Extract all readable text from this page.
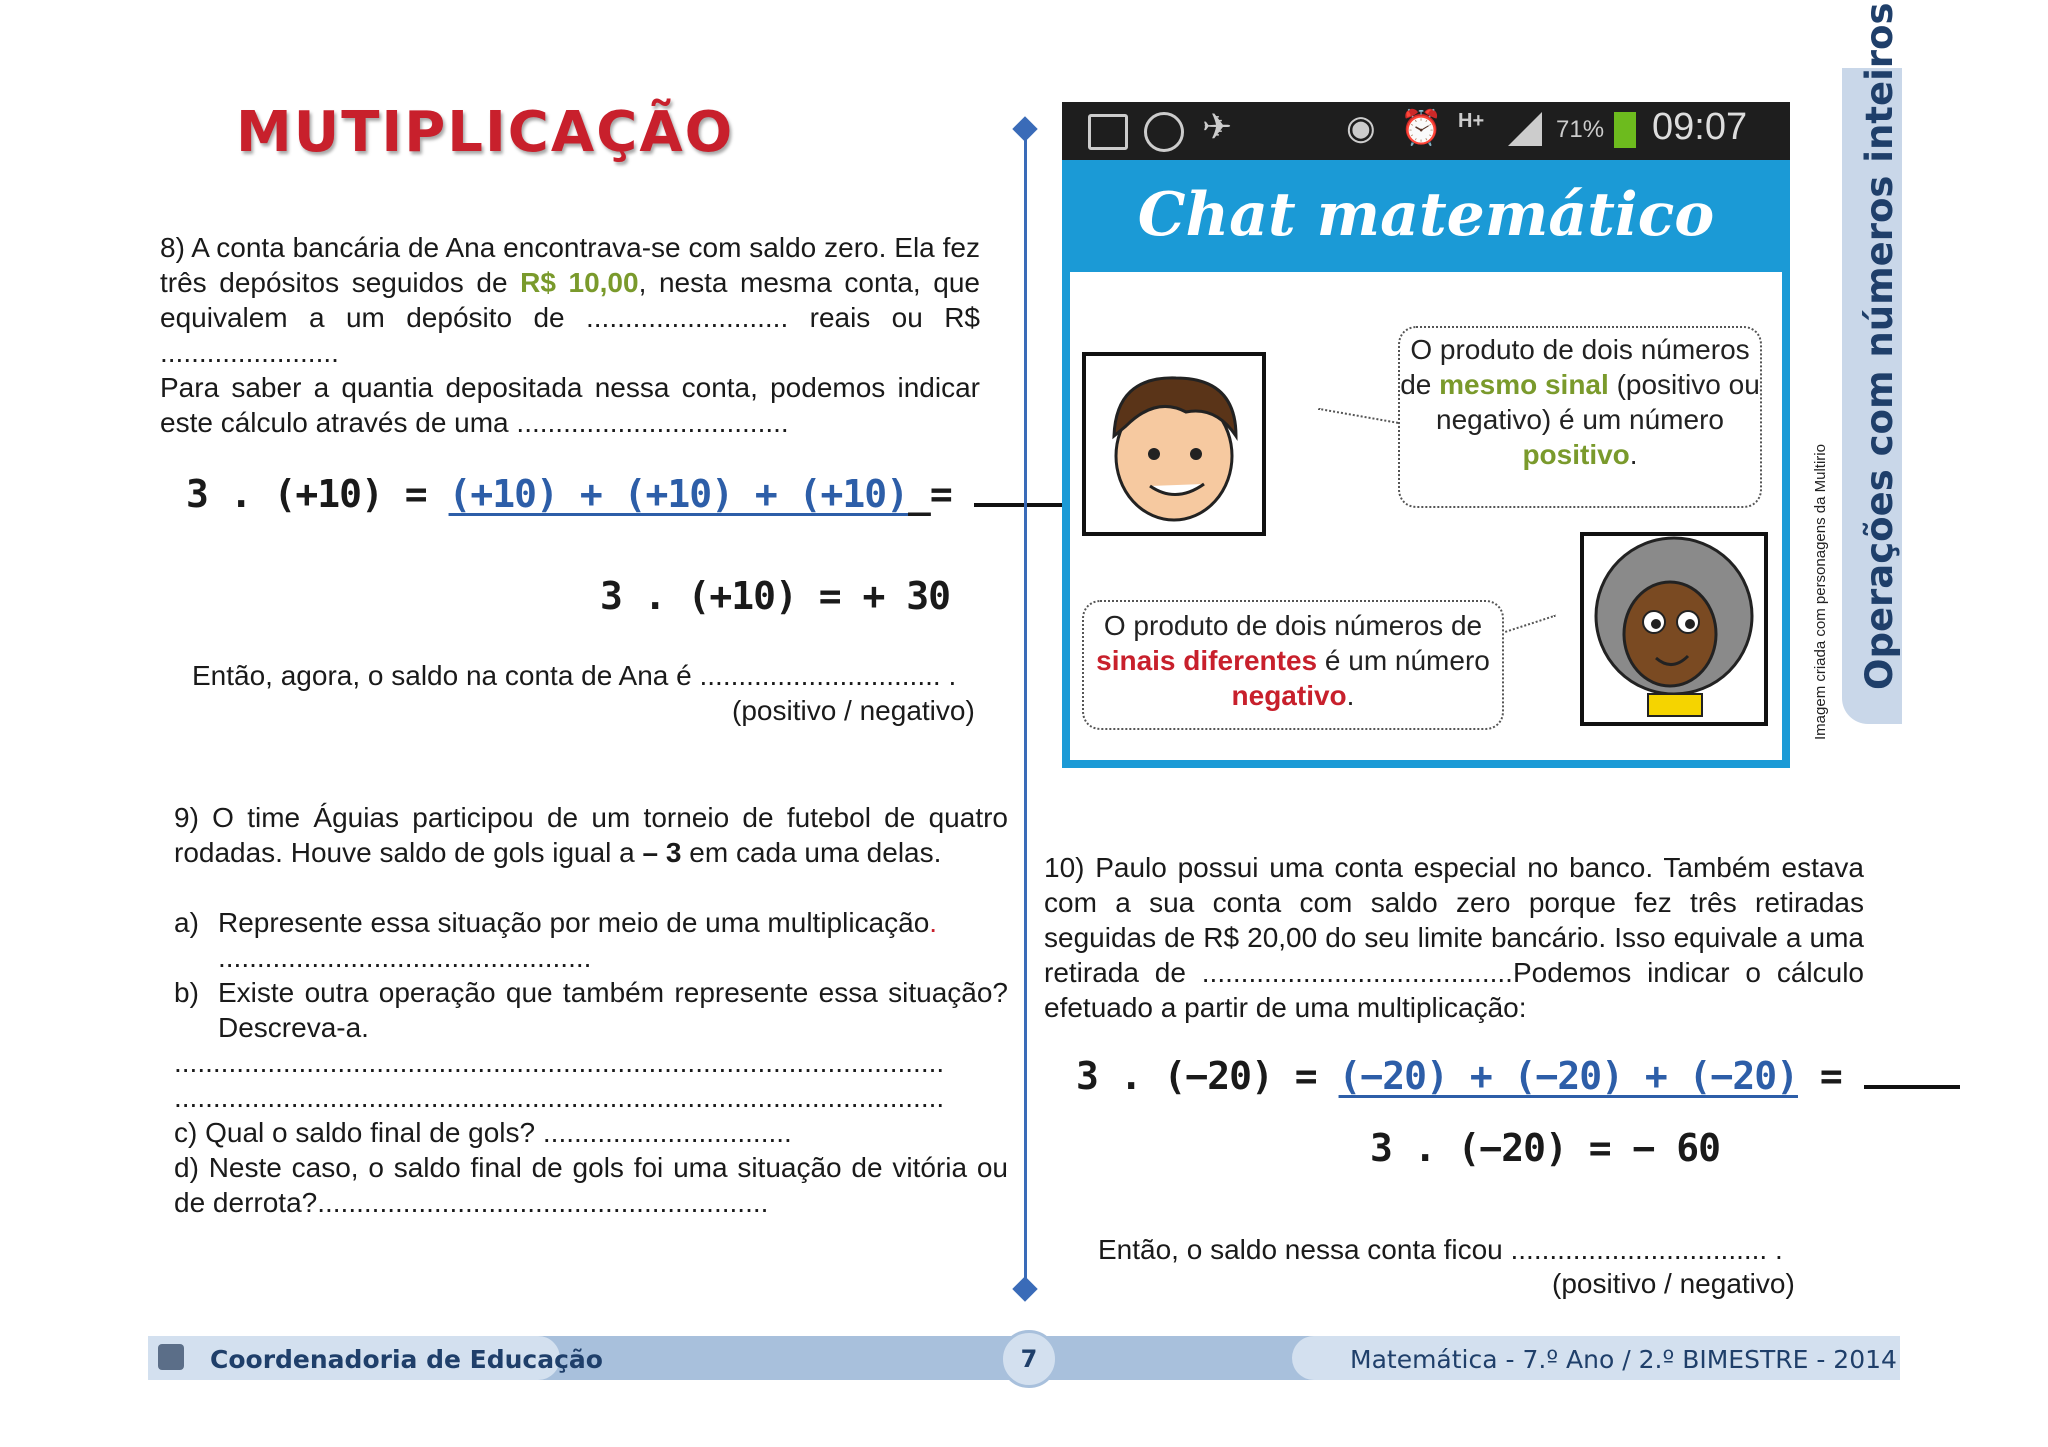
MUTIPLICAÇÃO
8) A conta bancária de Ana encontrava-se com saldo zero. Ela fez três depósitos seguidos de R$ 10,00, nesta mesma conta, que equivalem a um depósito de .......................... reais ou R$ .......................
Para saber a quantia depositada nessa conta, podemos indicar este cálculo através de uma ...................................
3 . (+10) = (+10) + (+10) + (+10)_=
3 . (+10) = + 30
Então, agora, o saldo na conta de Ana é ............................... .
(positivo / negativo)
9) O time Águias participou de um torneio de futebol de quatro rodadas. Houve saldo de gols igual a – 3 em cada uma delas.
a) Represente essa situação por meio de uma multiplicação.
................................................
b) Existe outra operação que também represente essa situação? Descreva-a.
...................................................................................................
...................................................................................................
c) Qual o saldo final de gols? ................................
d) Neste caso, o saldo final de gols foi uma situação de vitória ou de derrota?..........................................................
✈	◉ ⏰ H+	71% 09:07
Chat matemático
O produto de dois números de mesmo sinal (positivo ou negativo) é um número positivo.
O produto de dois números de sinais diferentes é um número negativo.	Imagem criada com personagens da Multirio Operações com números inteiros
10) Paulo possui uma conta especial no banco. Também estava com a sua conta com saldo zero porque fez três retiradas seguidas de R$ 20,00 do seu limite bancário. Isso equivale a uma retirada de ........................................Podemos indicar o cálculo efetuado a partir de uma multiplicação:
3 . (−20) = (−20) + (−20) + (−20) =
3 . (−20) = − 60
Então, o saldo nessa conta ficou ................................. .
(positivo / negativo)
Coordenadoria de Educação	7	Matemática - 7.º Ano / 2.º BIMESTRE - 2014
